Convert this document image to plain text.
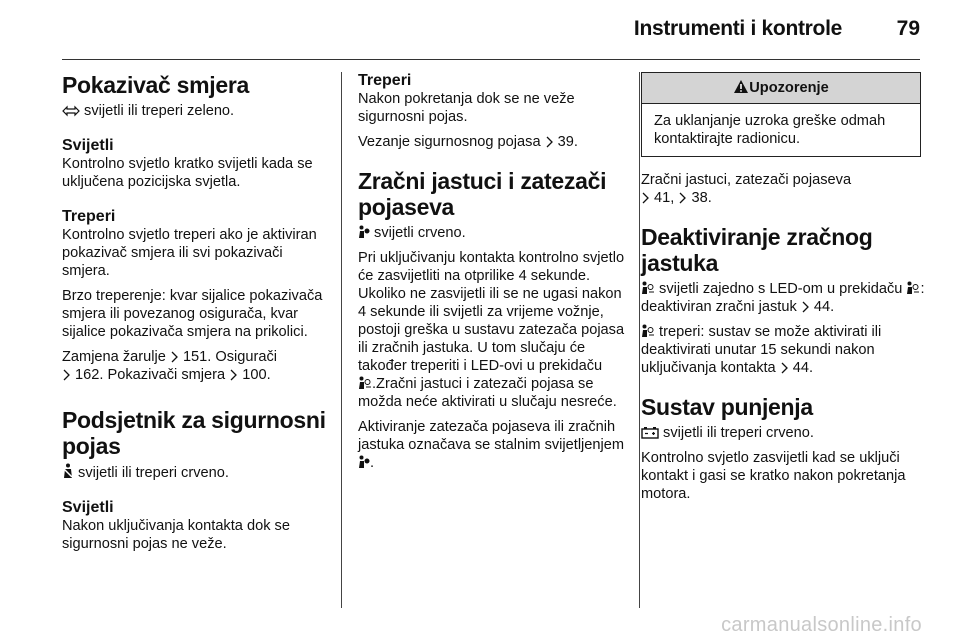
Instrumenti i kontrole	79
Pokazivač smjera

svijetli ili treperi zeleno.

Svijetli

Kontrolno svjetlo kratko svijetli kada se uključena pozicijska svjetla.

Treperi

Kontrolno svjetlo treperi ako je aktiviran pokazivač smjera ili svi pokazivači smjera.

Brzo treperenje: kvar sijalice pokazivača smjera ili povezanog osigurača, kvar sijalice pokazivača smjera na prikolici.

Zamjena žarulje
151. Osigurači

162. Pokazivači smjera
100.

Podsjetnik za sigurnosni pojas

svijetli ili treperi crveno.

Svijetli

Nakon uključivanja kontakta dok se sigurnosni pojas ne veže.

Treperi

Nakon pokretanja dok se ne veže sigurnosni pojas.

Vezanje sigurnosnog pojasa
39.

Zračni jastuci i zatezači pojaseva

svijetli crveno.

Pri uključivanju kontakta kontrolno svjetlo će zasvijetliti na otprilike 4 sekunde. Ukoliko ne zasvijetli ili se ne ugasi nakon 4 sekunde ili svijetli za vrijeme vožnje, postoji greška u sustavu zatezača pojasa ili zračnih jastuka. U tom slučaju će također treperiti i LED-ovi u prekidaču

.Zračni jastuci i zatezači pojasa se možda neće aktivirati u slučaju nesreće.

Aktiviranje zatezača pojaseva ili zračnih jastuka označava se stalnim svijetljenjem
.

Upozorenje
Za uklanjanje uzroka greške odmah kontaktirajte radionicu.

Zračni jastuci, zatezači pojaseva

41,
38.

Deaktiviranje zračnog jastuka

svijetli zajedno s LED-om u prekidaču
: deaktiviran zračni jastuk
44.

treperi: sustav se može aktivirati ili deaktivirati unutar 15 sekundi nakon uključivanja kontakta
44.

Sustav punjenja

svijetli ili treperi crveno.

Kontrolno svjetlo zasvijetli kad se uključi kontakt i gasi se kratko nakon pokretanja motora.

carmanualsonline.info
